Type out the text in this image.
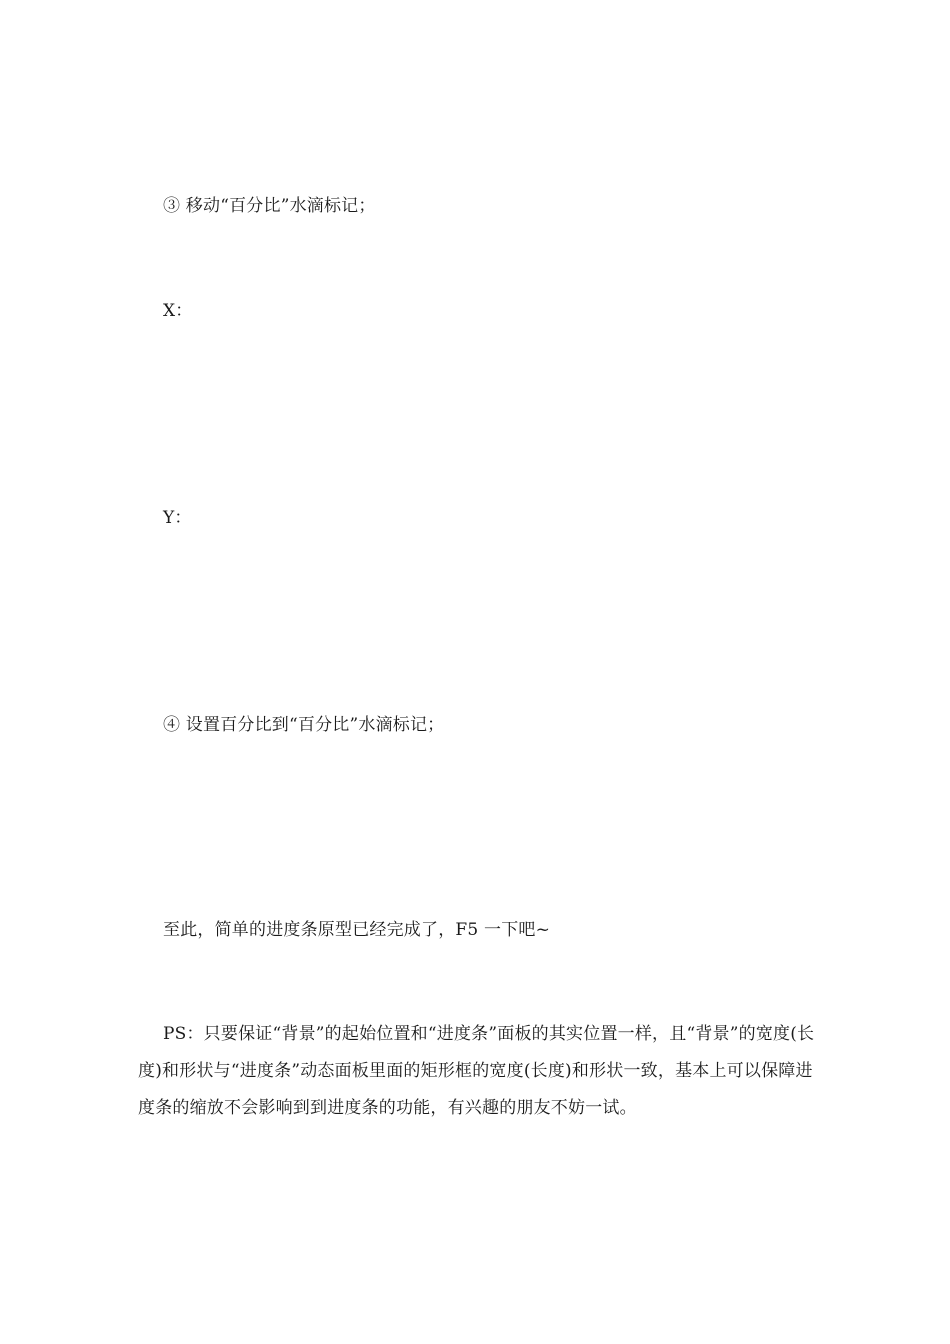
③ 移动“百分比”水滴标记；
X：
Y：
④ 设置百分比到“百分比”水滴标记；
至此，简单的进度条原型已经完成了，F5 一下吧~
PS：只要保证“背景”的起始位置和“进度条”面板的其实位置一样，且“背景”的宽度(长度)和形状与“进度条”动态面板里面的矩形框的宽度(长度)和形状一致，基本上可以保障进度条的缩放不会影响到到进度条的功能，有兴趣的朋友不妨一试。
